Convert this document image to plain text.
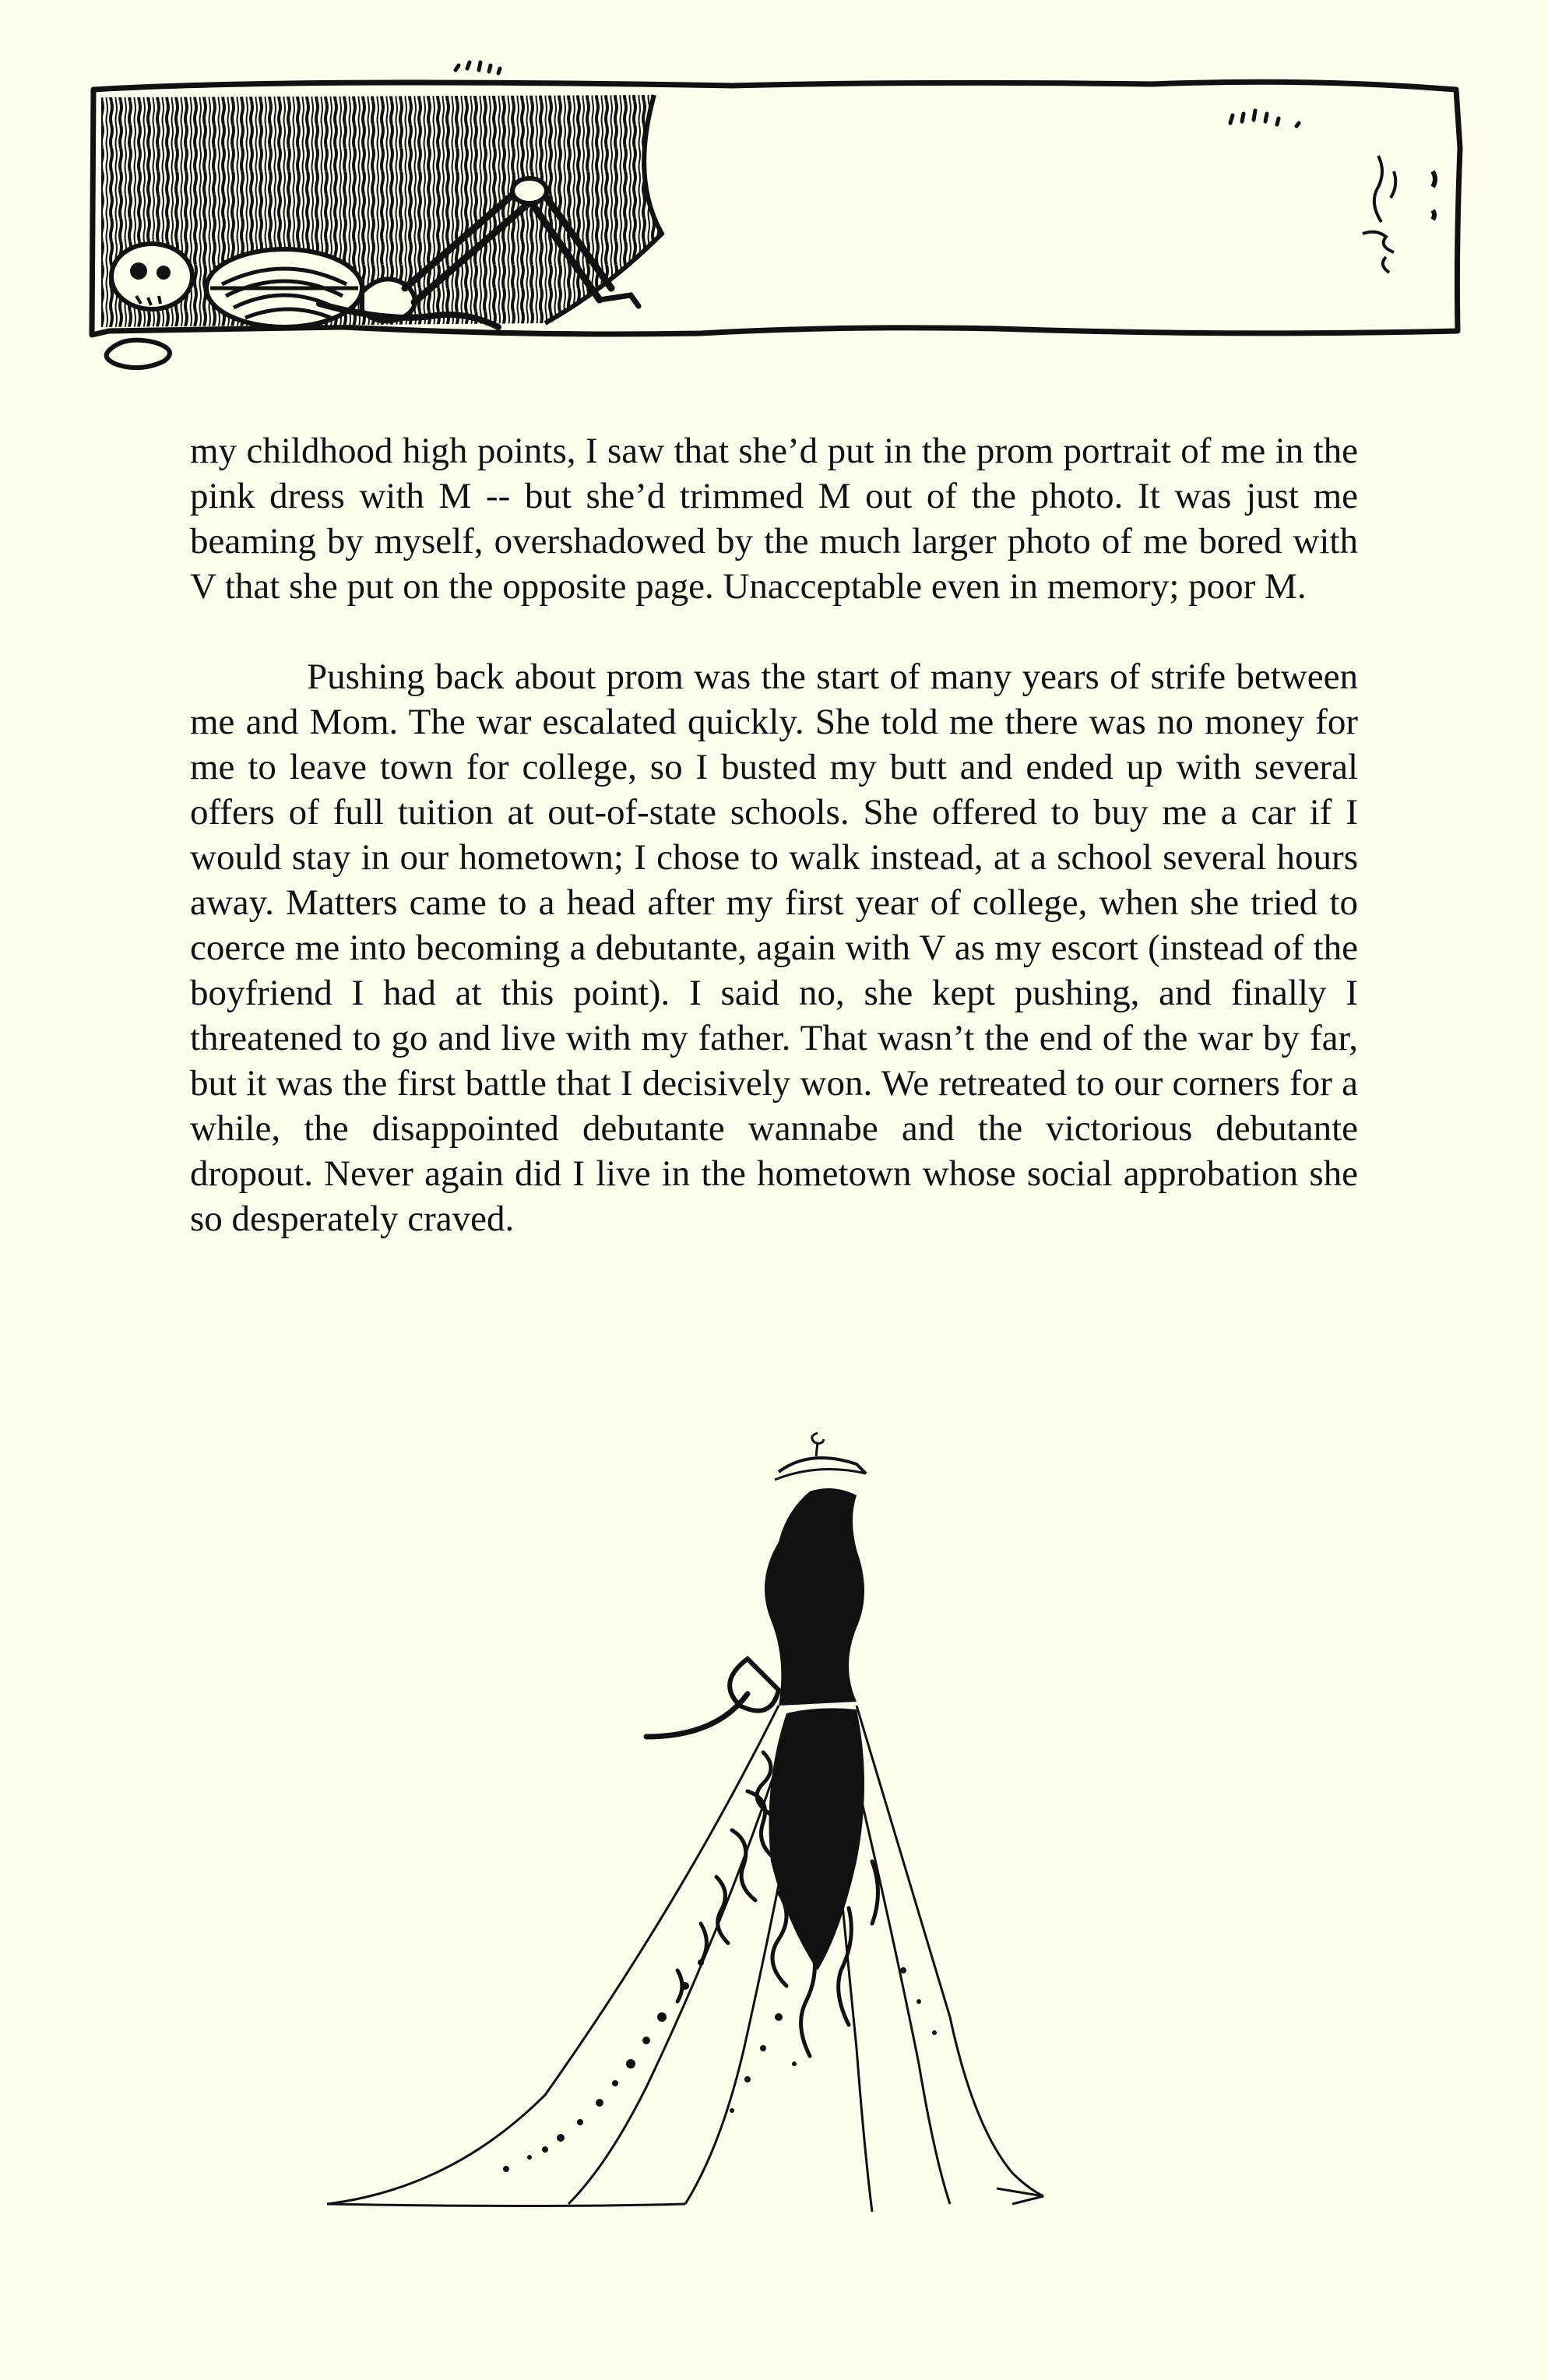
my childhood high points, I saw that she’d put in the prom portrait of me in the pink dress with M -- but she’d trimmed M out of the photo. It was just me beaming by myself, overshadowed by the much larger photo of me bored with V that she put on the opposite page. Unacceptable even in memory; poor M.

Pushing back about prom was the start of many years of strife between me and Mom. The war escalated quickly. She told me there was no money for me to leave town for college, so I busted my butt and ended up with several offers of full tuition at out-of-state schools. She offered to buy me a car if I would stay in our hometown; I chose to walk instead, at a school several hours away. Matters came to a head after my first year of college, when she tried to coerce me into becoming a debutante, again with V as my escort (instead of the boyfriend I had at this point). I said no, she kept pushing, and finally I threatened to go and live with my father. That wasn’t the end of the war by far, but it was the first battle that I decisively won. We retreated to our corners for a while, the disappointed debutante wannabe and the victorious debutante dropout. Never again did I live in the hometown whose social approbation she so desperately craved.
